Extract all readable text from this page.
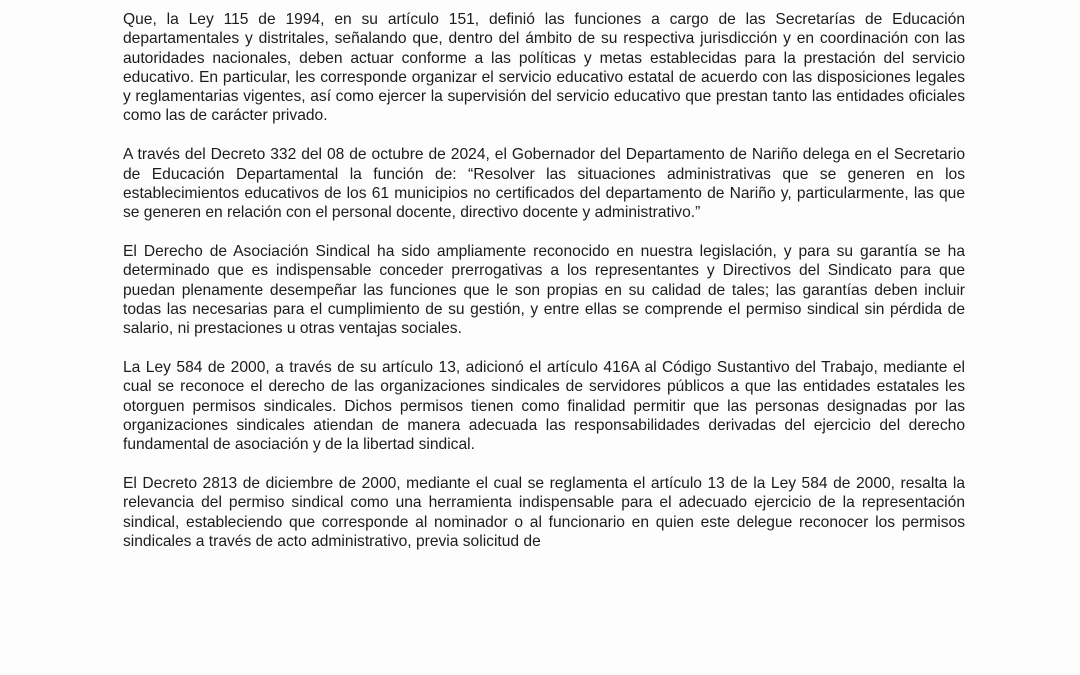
Que, la Ley 115 de 1994, en su artículo 151, definió las funciones a cargo de las Secretarías de Educación departamentales y distritales, señalando que, dentro del ámbito de su respectiva jurisdicción y en coordinación con las autoridades nacionales, deben actuar conforme a las políticas y metas establecidas para la prestación del servicio educativo. En particular, les corresponde organizar el servicio educativo estatal de acuerdo con las disposiciones legales y reglamentarias vigentes, así como ejercer la supervisión del servicio educativo que prestan tanto las entidades oficiales como las de carácter privado.

A través del Decreto 332 del 08 de octubre de 2024, el Gobernador del Departamento de Nariño delega en el Secretario de Educación Departamental la función de: “Resolver las situaciones administrativas que se generen en los establecimientos educativos de los 61 municipios no certificados del departamento de Nariño y, particularmente, las que se generen en relación con el personal docente, directivo docente y administrativo.”

El Derecho de Asociación Sindical ha sido ampliamente reconocido en nuestra legislación, y para su garantía se ha determinado que es indispensable conceder prerrogativas a los representantes y Directivos del Sindicato para que puedan plenamente desempeñar las funciones que le son propias en su calidad de tales; las garantías deben incluir todas las necesarias para el cumplimiento de su gestión, y entre ellas se comprende el permiso sindical sin pérdida de salario, ni prestaciones u otras ventajas sociales.

La Ley 584 de 2000, a través de su artículo 13, adicionó el artículo 416A al Código Sustantivo del Trabajo, mediante el cual se reconoce el derecho de las organizaciones sindicales de servidores públicos a que las entidades estatales les otorguen permisos sindicales. Dichos permisos tienen como finalidad permitir que las personas designadas por las organizaciones sindicales atiendan de manera adecuada las responsabilidades derivadas del ejercicio del derecho fundamental de asociación y de la libertad sindical.

El Decreto 2813 de diciembre de 2000, mediante el cual se reglamenta el artículo 13 de la Ley 584 de 2000, resalta la relevancia del permiso sindical como una herramienta indispensable para el adecuado ejercicio de la representación sindical, estableciendo que corresponde al nominador o al funcionario en quien este delegue reconocer los permisos sindicales a través de acto administrativo, previa solicitud de
